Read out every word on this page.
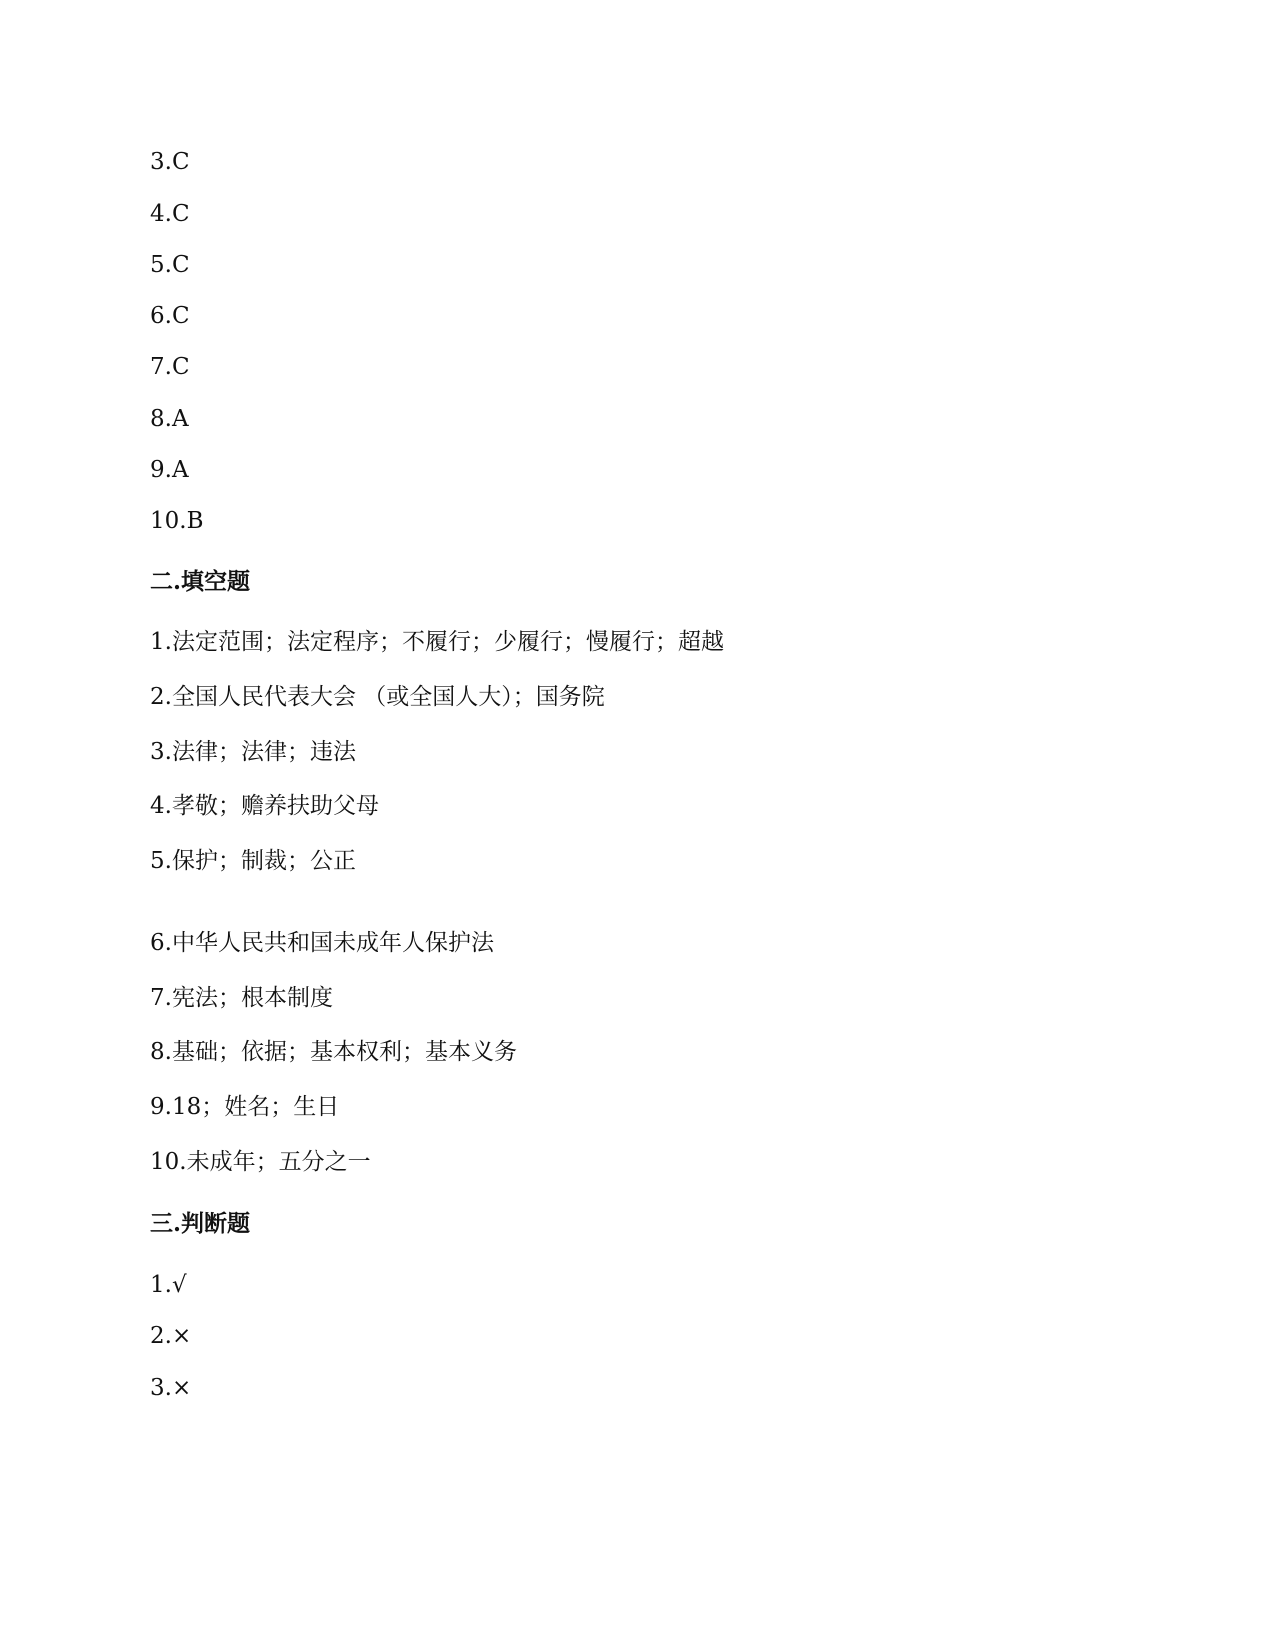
3.C

4.C

5.C

6.C

7.C

8.A

9.A

10.B

二.填空题

1.法定范围；法定程序；不履行；少履行；慢履行；超越

2.全国人民代表大会 （或全国人大）；国务院

3.法律；法律；违法

4.孝敬；赡养扶助父母

5.保护；制裁；公正

6.中华人民共和国未成年人保护法

7.宪法；根本制度

8.基础；依据；基本权利；基本义务

9.18；姓名；生日

10.未成年；五分之一

三.判断题

1.√

2.×

3.×
